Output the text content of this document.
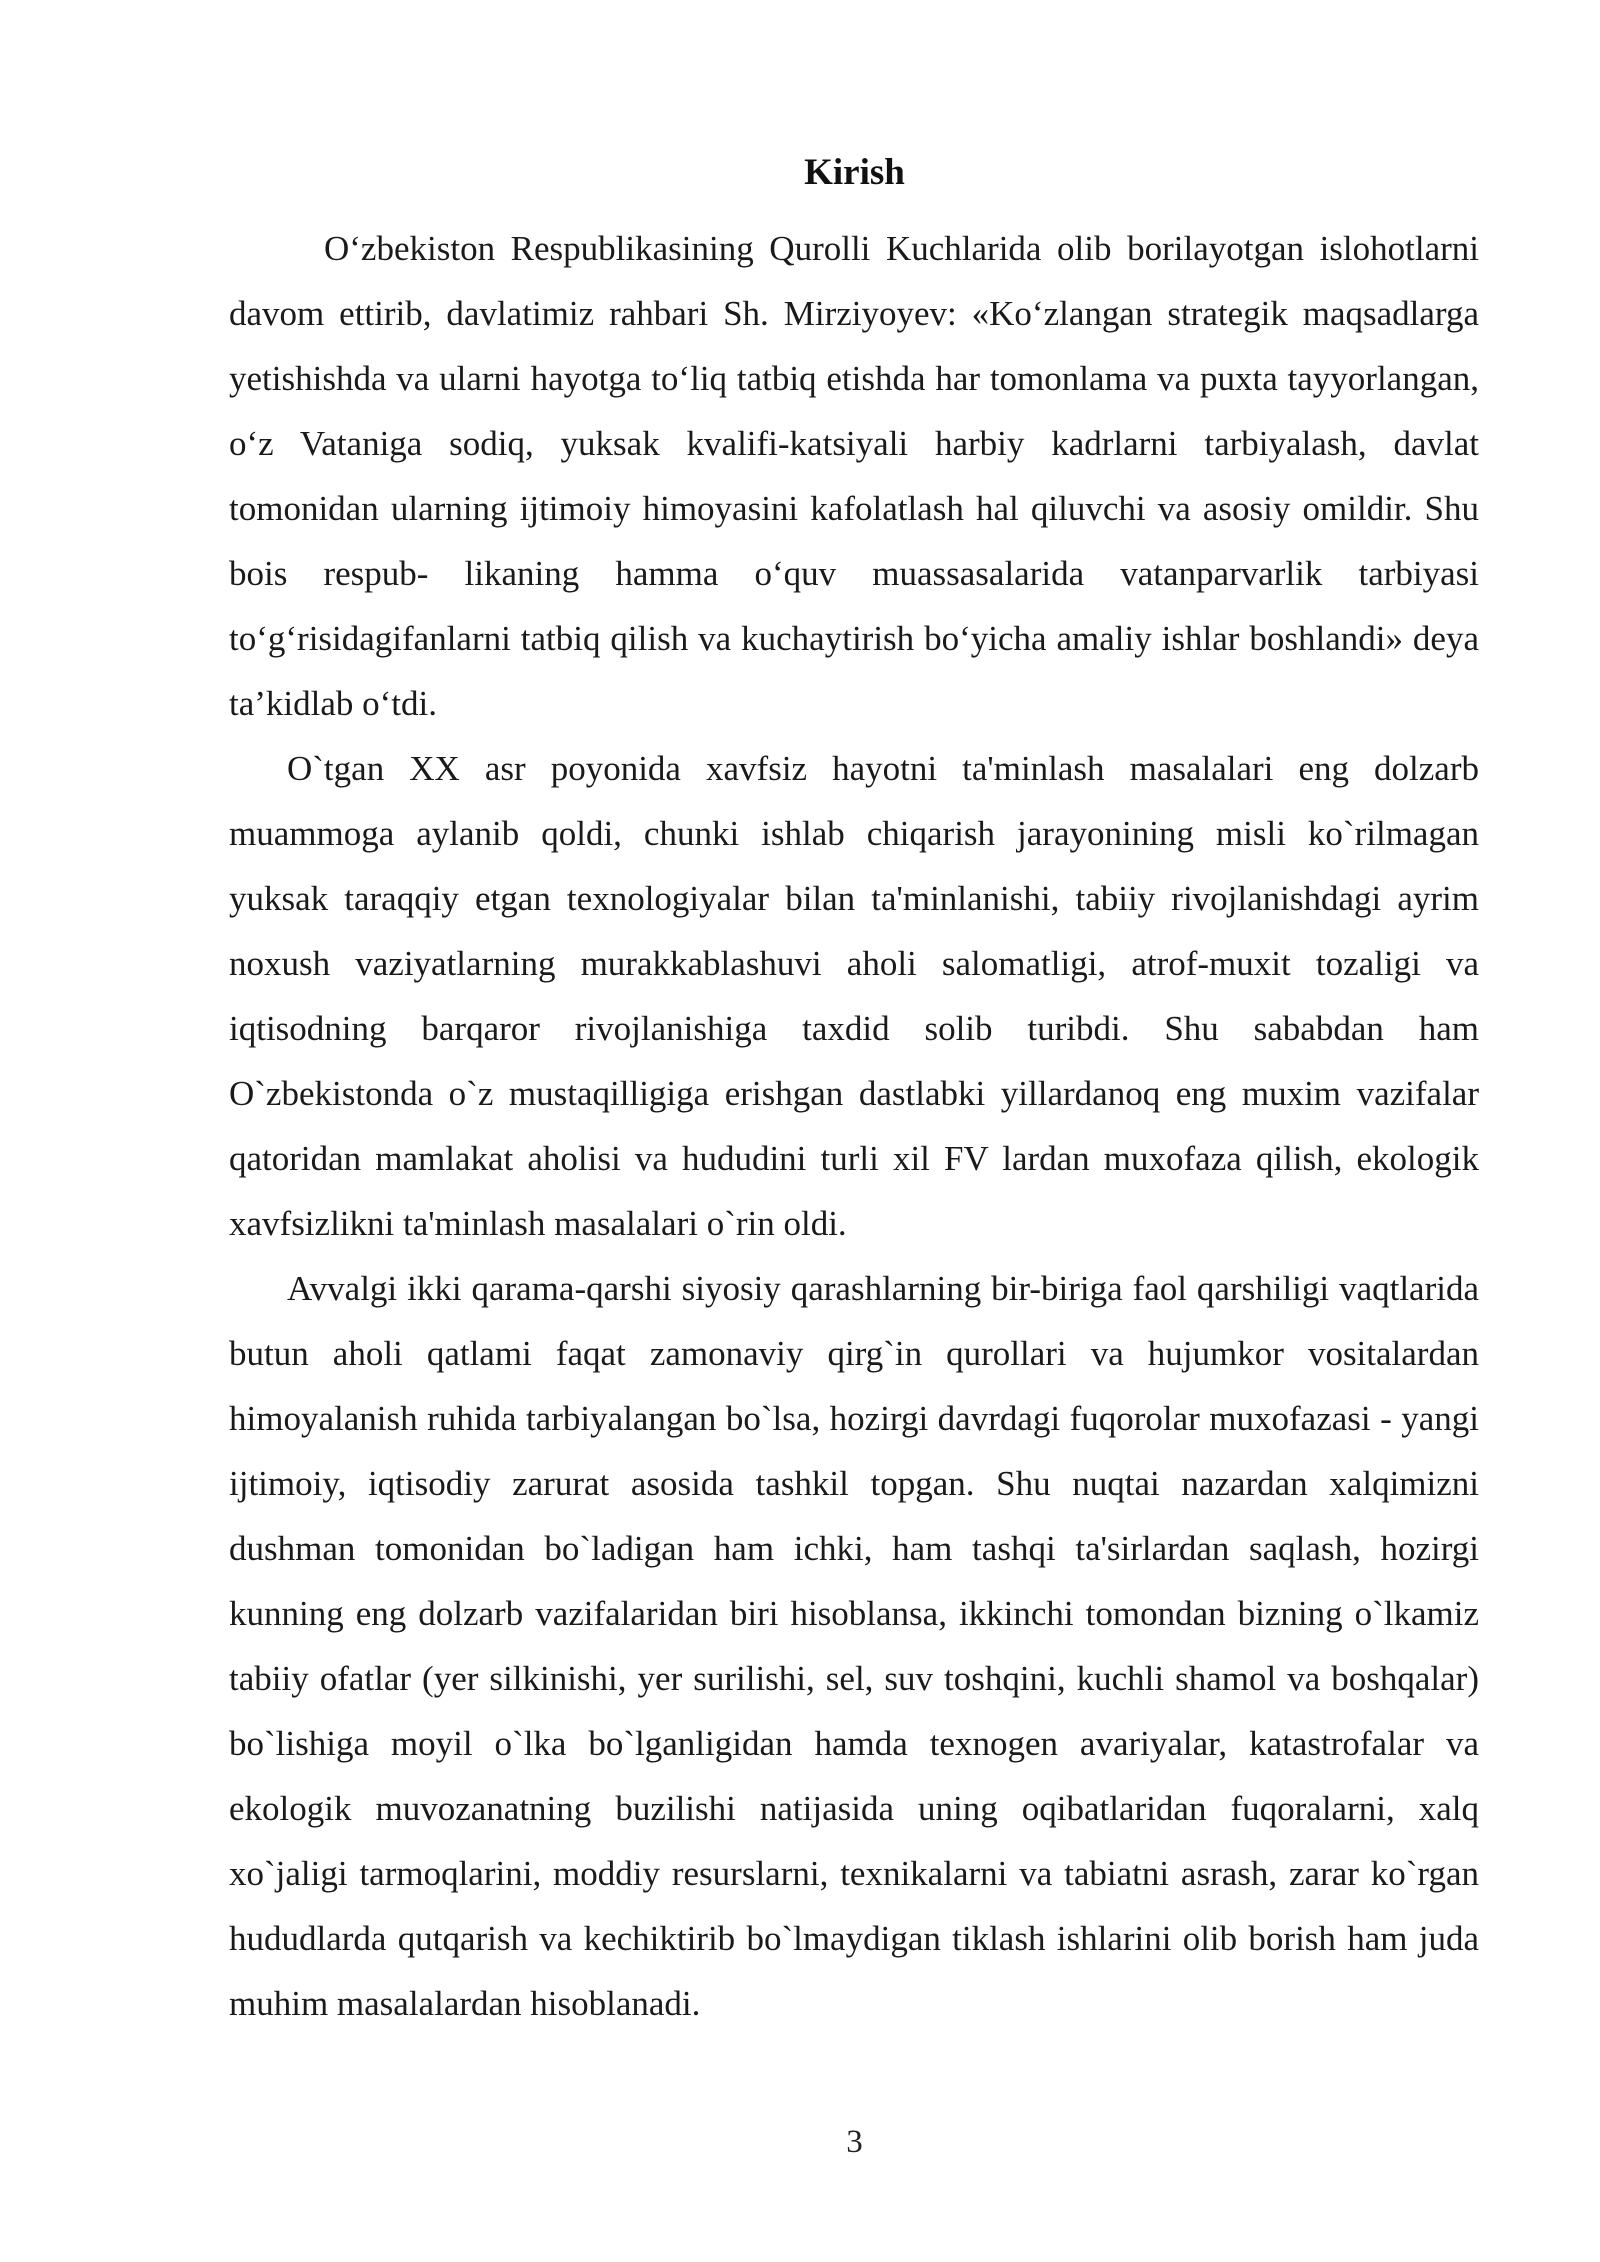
Kirish

O‘zbekiston Respublikasining Qurolli Kuchlarida olib borilayotgan islohotlarni davom ettirib, davlatimiz rahbari Sh. Mirziyoyev: «Ko‘zlangan strategik maqsadlarga yetishishda va ularni hayotga to‘liq tatbiq etishda har tomonlama va puxta tayyorlangan, o‘z Vataniga sodiq, yuksak kvalifi-katsiyali harbiy kadrlarni tarbiyalash, davlat tomonidan ularning ijtimoiy himoyasini kafolatlash hal qiluvchi va asosiy omildir. Shu bois respub- likaning hamma o‘quv muassasalarida vatanparvarlik tarbiyasi to‘g‘risidagifanlarni tatbiq qilish va kuchaytirish bo‘yicha amaliy ishlar boshlandi» deya ta’kidlab o‘tdi.

O`tgan XX asr poyonida xavfsiz hayotni ta'minlash masalalari eng dolzarb muammoga aylanib qoldi, chunki ishlab chiqarish jarayonining misli ko`rilmagan yuksak taraqqiy etgan texnologiyalar bilan ta'minlanishi, tabiiy rivojlanishdagi ayrim noxush vaziyatlarning murakkablashuvi aholi salomatligi, atrof-muxit tozaligi va iqtisodning barqaror rivojlanishiga taxdid solib turibdi. Shu sababdan ham O`zbekistonda o`z mustaqilligiga erishgan dastlabki yillardanoq eng muxim vazifalar qatoridan mamlakat aholisi va hududini turli xil FV lardan muxofaza qilish, ekologik xavfsizlikni ta'minlash masalalari o`rin oldi.

Avvalgi ikki qarama-qarshi siyosiy qarashlarning bir-biriga faol qarshiligi vaqtlarida butun aholi qatlami faqat zamonaviy qirg`in qurollari va hujumkor vositalardan himoyalanish ruhida tarbiyalangan bo`lsa, hozirgi davrdagi fuqorolar muxofazasi - yangi ijtimoiy, iqtisodiy zarurat asosida tashkil topgan. Shu nuqtai nazardan xalqimizni dushman tomonidan bo`ladigan ham ichki, ham tashqi ta'sirlardan saqlash, hozirgi kunning eng dolzarb vazifalaridan biri hisoblansa, ikkinchi tomondan bizning o`lkamiz tabiiy ofatlar (yer silkinishi, yer surilishi, sel, suv toshqini, kuchli shamol va boshqalar) bo`lishiga moyil o`lka bo`lganligidan hamda texnogen avariyalar, katastrofalar va ekologik muvozanatning buzilishi natijasida uning oqibatlaridan fuqoralarni, xalq xo`jaligi tarmoqlarini, moddiy resurslarni, texnikalarni va tabiatni asrash, zarar ko`rgan hududlarda qutqarish va kechiktirib bo`lmaydigan tiklash ishlarini olib borish ham juda muhim masalalardan hisoblanadi.

3
